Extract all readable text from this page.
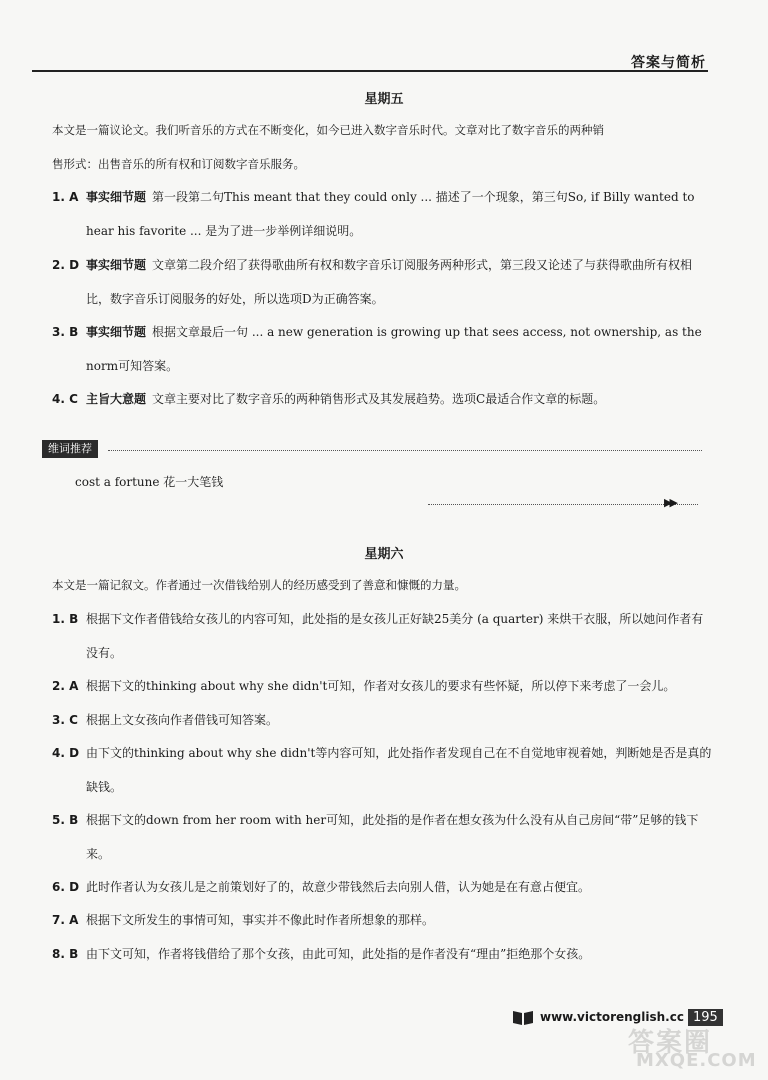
答案与简析
星期五
本文是一篇议论文。我们听音乐的方式在不断变化，如今已进入数字音乐时代。文章对比了数字音乐的两种销
售形式：出售音乐的所有权和订阅数字音乐服务。
1. A 事实细节题 第一段第二句This meant that they could only ... 描述了一个现象，第三句So, if Billy wanted to hear his favorite ... 是为了进一步举例详细说明。
2. D 事实细节题 文章第二段介绍了获得歌曲所有权和数字音乐订阅服务两种形式，第三段又论述了与获得歌曲所有权相比，数字音乐订阅服务的好处，所以选项D为正确答案。
3. B 事实细节题 根据文章最后一句 ... a new generation is growing up that sees access, not ownership, as the norm可知答案。
4. C 主旨大意题 文章主要对比了数字音乐的两种销售形式及其发展趋势。选项C最适合作文章的标题。
维词推荐
cost a fortune 花一大笔钱
▶▶
星期六
本文是一篇记叙文。作者通过一次借钱给别人的经历感受到了善意和慷慨的力量。
1. B 根据下文作者借钱给女孩儿的内容可知，此处指的是女孩儿正好缺25美分 (a quarter) 来烘干衣服，所以她问作者有没有。
2. A 根据下文的thinking about why she didn't可知，作者对女孩儿的要求有些怀疑，所以停下来考虑了一会儿。
3. C 根据上文女孩向作者借钱可知答案。
4. D 由下文的thinking about why she didn't等内容可知，此处指作者发现自己在不自觉地审视着她，判断她是否是真的缺钱。
5. B 根据下文的down from her room with her可知，此处指的是作者在想女孩为什么没有从自己房间“带”足够的钱下来。
6. D 此时作者认为女孩儿是之前策划好了的，故意少带钱然后去向别人借，认为她是在有意占便宜。
7. A 根据下文所发生的事情可知，事实并不像此时作者所想象的那样。
8. B 由下文可知，作者将钱借给了那个女孩，由此可知，此处指的是作者没有“理由”拒绝那个女孩。
www.victorenglish.cc 195
答案圈
MXQE.COM
